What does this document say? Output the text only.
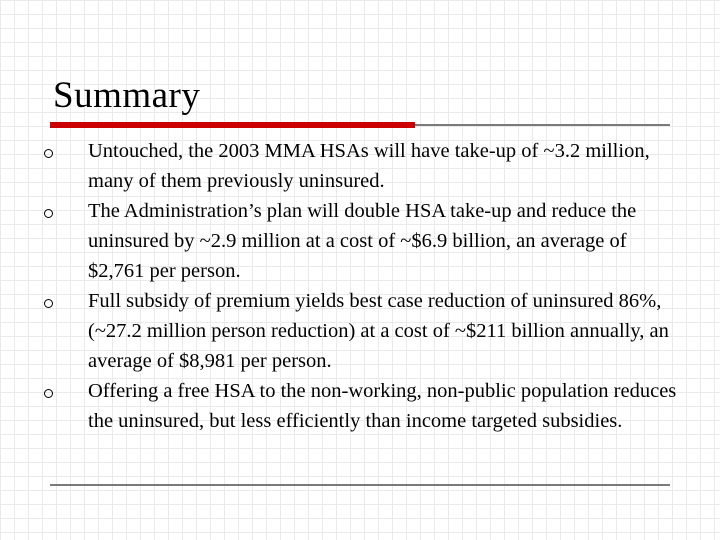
Summary
Untouched, the 2003 MMA HSAs will have take-up of ~3.2 million, many of them previously uninsured.
The Administration’s plan will double HSA take-up and reduce the uninsured by ~2.9 million at a cost of ~$6.9 billion, an average of $2,761 per person.
Full subsidy of premium yields best case reduction of uninsured 86%, (~27.2 million person reduction) at a cost of ~$211 billion annually, an average of $8,981 per person.
Offering a free HSA to the non-working, non-public population reduces the uninsured, but less efficiently than income targeted subsidies.
